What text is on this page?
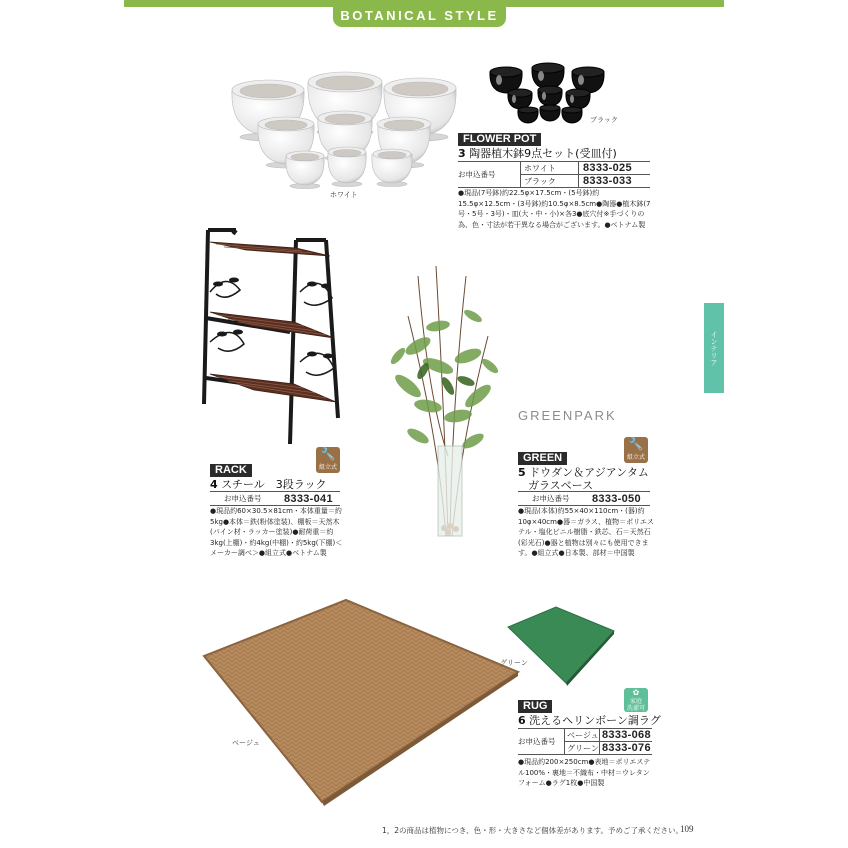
BOTANICAL STYLE
インテリア
ホワイト
ブラック
FLOWER POT
3 陶器植木鉢9点セット(受皿付)
お申込番号
ホワイト	8333-025
ブラック	8333-033
●現品(7号鉢)約22.5φ×17.5cm・(5号鉢)約15.5φ×12.5cm・(3号鉢)約10.5φ×8.5cm●陶器●植木鉢(7号・5号・3号)・皿(大・中・小)×各3●底穴付※手づくりの為、色・寸法が若干異なる場合がございます。●ベトナム製
🔧
組立式
RACK
4 スチール　3段ラック
お申込番号	8333-041
●現品約60×30.5×81cm・本体重量＝約5kg●本体＝鉄(粉体塗装)、棚板＝天然木(パイン材・ラッカー塗装)●耐荷重＝約3kg(上棚)・約4kg(中棚)・約5kg(下棚)＜メーカー調べ＞●組立式●ベトナム製
GREENPARK
🔧
組立式
GREEN
5 ドウダン＆アジアンタム
ガラスベース
お申込番号	8333-050
●現品(本体)約55×40×110cm・(器)約10φ×40cm●器＝ガラス、植物＝ポリエステル・塩化ビニル樹脂・鉄芯、石＝天然石(彩光石)●器と植物は別々にも使用できます。●組立式●日本製、部材＝中国製
ベージュ
グリーン
✿
家庭
洗濯可
RUG
6 洗えるヘリンボーン調ラグ
お申込番号
ベージュ 8333-068
グリーン 8333-076
●現品約200×250cm●表地＝ポリエステル100%・裏地＝不織布・中材＝ウレタンフォーム●ラグ1枚●中国製
1，2の商品は植物につき、色・形・大きさなど個体差があります。予めご了承ください。
109
